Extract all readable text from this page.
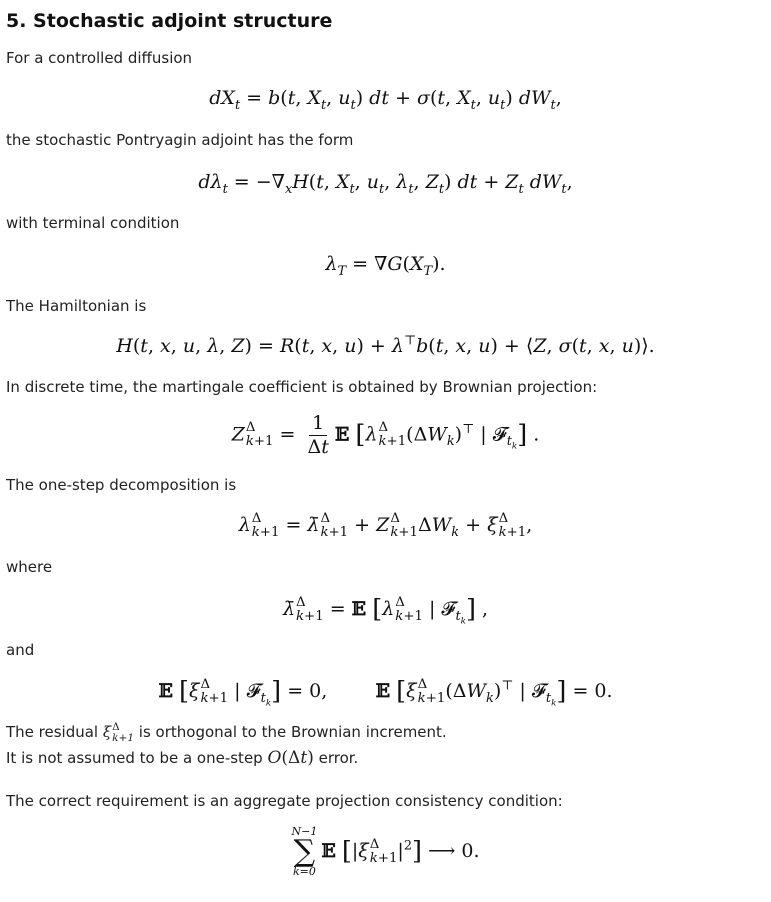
5. Stochastic adjoint structure

For a controlled diffusion

$dX_t = b(t$, $X_t$, $u_t$) dt + σ(t, $X_t$, $u_t$) $dW_t$,

the stochastic Pontryagin adjoint has the form

$d\lambda_t = -\nabla_xH(t$, $X_t$, $u_t$, $\lambda_t$, $Z_t$) dt + $Z_t$ $dW_t$,

with terminal condition

$\lambda_T = \nabla G(X_T)$.

The Hamiltonian is

H(t, x, u, λ, Z) = R(t, x, u) + λ⊤b(t, x, u) + ⟨Z, σ(t, x, u)⟩.

In discrete time, the martingale coefficient is obtained by Brownian projection:

Z Δ
$k+1 = \frac{1}{\Delta t}$ 𝔼 [λ Δ
k+1 $(\Delta W_k)^⊤$ | 𝓕$_{t_k}$] .

The one-step decomposition is

λ Δ
k+1 = λ̄ Δ
k+1 + Z Δ
k+1 $\Delta W_k + \xi$ Δ
k+1 ,

where

λ̄ Δ
k+1 = 𝔼 [λ Δ
k+1 | 𝓕$_{t_k}$] ,

and

𝔼 [ξ Δ
k+1 | 𝓕$_{t_k}$] = 0,        𝔼 [ξ Δ
k+1 $(\Delta W_k)^⊤$ | 𝓕$_{t_k}$] = 0.

The residual ξ Δ
k+1 is orthogonal to the Brownian increment.

It is not assumed to be a one-step O(Δt) error.

The correct requirement is an aggregate projection consistency condition:

N−1
∑
k=0
𝔼 [|ξ Δ
k+1 $|^2$] ⟶ 0.
